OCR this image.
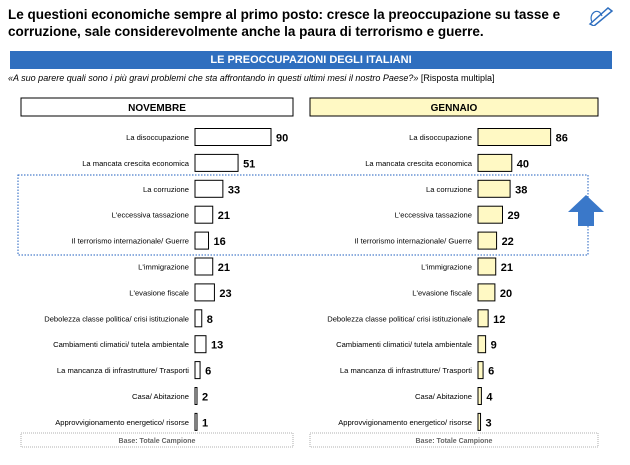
Le questioni economiche sempre al primo posto: cresce la preoccupazione su tasse e corruzione, sale considerevolmente anche la paura di terrorismo e guerre.
LE PREOCCUPAZIONI DEGLI ITALIANI
«A suo parere quali sono i più gravi problemi che sta affrontando in questi ultimi mesi il nostro Paese?» [Risposta multipla]
NOVEMBRE
La disoccupazione	90
La mancata crescita economica	51
La corruzione	33
L'eccessiva tassazione	21
Il terrorismo internazionale/ Guerre 16
L'immigrazione	21
L'evasione fiscale	23
Debolezza classe politica/ crisi istituzionale 8
Cambiamenti climatici/ tutela ambientale 13
La mancanza di infrastrutture/ Trasporti 6
Casa/ Abitazione 2
Approvvigionamento energetico/ risorse 1
Base: Totale Campione
GENNAIO
La disoccupazione	86
La mancata crescita economica	40
La corruzione	38
L'eccessiva tassazione	29
Il terrorismo internazionale/ Guerre	22
L'immigrazione	21
L'evasione fiscale	20
Debolezza classe politica/ crisi istituzionale 12
Cambiamenti climatici/ tutela ambientale 9
La mancanza di infrastrutture/ Trasporti 6
Casa/ Abitazione 4
Approvvigionamento energetico/ risorse 3
Base: Totale Campione
